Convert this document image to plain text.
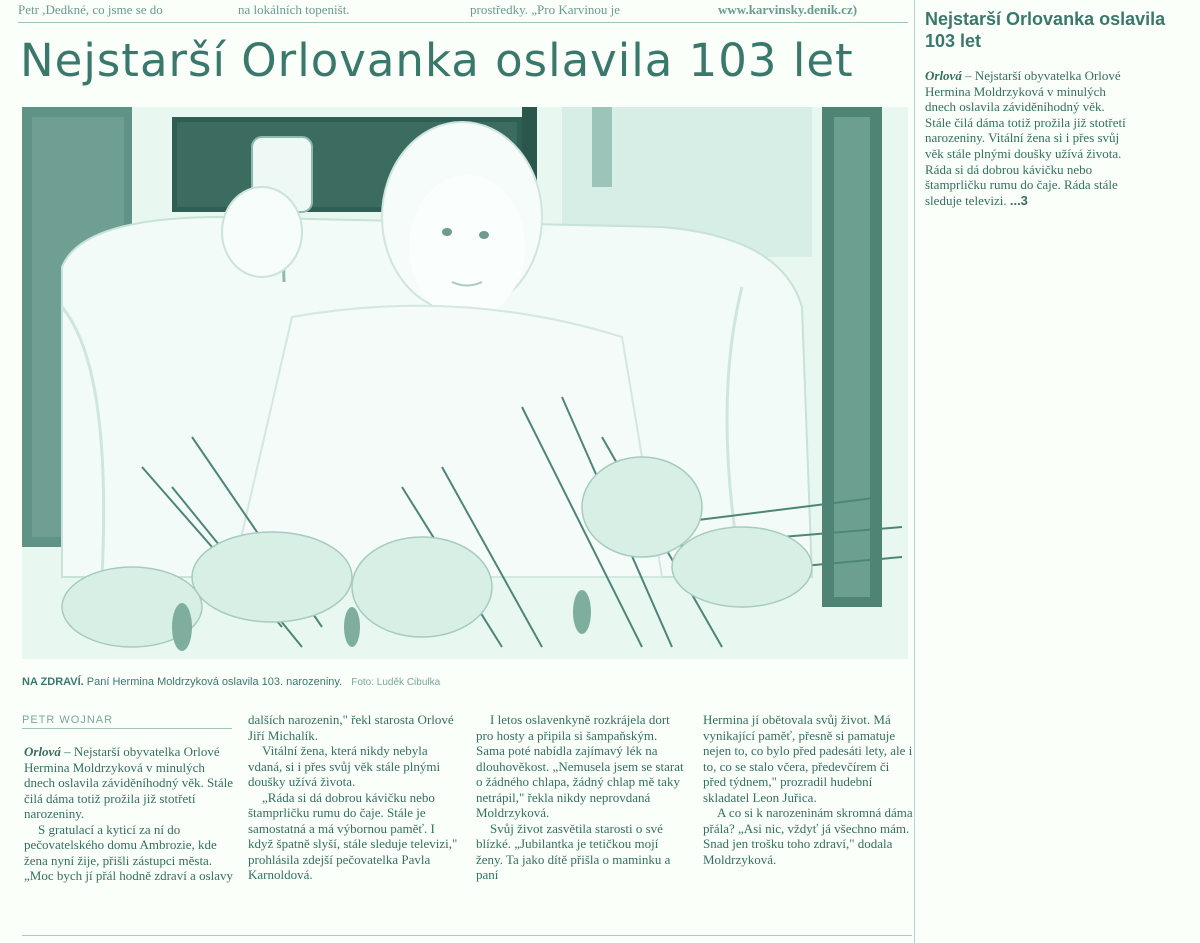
Petr ,Dedkné, co jsme se do	na lokálních topeništ.	prostředky. „Pro Karvinou je	www.karvinsky.denik.cz)
Nejstarší Orlovanka oslavila 103 let
NA ZDRAVÍ. Paní Hermina Moldrzyková oslavila 103. narozeniny. Foto: Luděk Cibulka
PETR WOJNAR

Orlová – Nejstarší obyvatelka Orlové Hermina Moldrzyková v minulých dnech oslavila záviděníhodný věk. Stále čilá dáma totiž prožila již stotřetí narozeniny.

S gratulací a kyticí za ní do pečovatelského domu Ambrozie, kde žena nyní žije, přišli zástupci města. „Moc bych jí přál hodně zdraví a oslavy

dalších narozenin," řekl starosta Orlové Jiří Michalík.

Vitální žena, která nikdy nebyla vdaná, si i přes svůj věk stále plnými doušky užívá života.

„Ráda si dá dobrou kávičku nebo štamprličku rumu do čaje. Stále je samostatná a má výbornou paměť. I když špatně slyší, stále sleduje televizi," prohlásila zdejší pečovatelka Pavla Karnoldová.

I letos oslavenkyně rozkrájela dort pro hosty a připila si šampaňským. Sama poté nabídla zajímavý lék na dlouhověkost. „Nemusela jsem se starat o žádného chlapa, žádný chlap mě taky netrápil," řekla nikdy neprovdaná Moldrzyková.

Svůj život zasvětila starosti o své blízké. „Jubilantka je tetičkou mojí ženy. Ta jako dítě přišla o maminku a paní

Hermina jí obětovala svůj život. Má vynikající paměť, přesně si pamatuje nejen to, co bylo před padesáti lety, ale i to, co se stalo včera, předevčírem či před týdnem," prozradil hudební skladatel Leon Juřica.

A co si k narozeninám skromná dáma přála? „Asi nic, vždyť já všechno mám. Snad jen trošku toho zdraví," dodala Moldrzyková.

Nejstarší Orlovanka oslavila 103 let
Orlová – Nejstarší obyvatelka Orlové Hermina Moldrzyková v minulých dnech oslavila záviděníhodný věk. Stále čilá dáma totiž prožila již stotřetí narozeniny. Vitální žena si i přes svůj věk stále plnými doušky užívá života. Ráda si dá dobrou kávičku nebo štamprličku rumu do čaje. Ráda stále sleduje televizi. ...3
